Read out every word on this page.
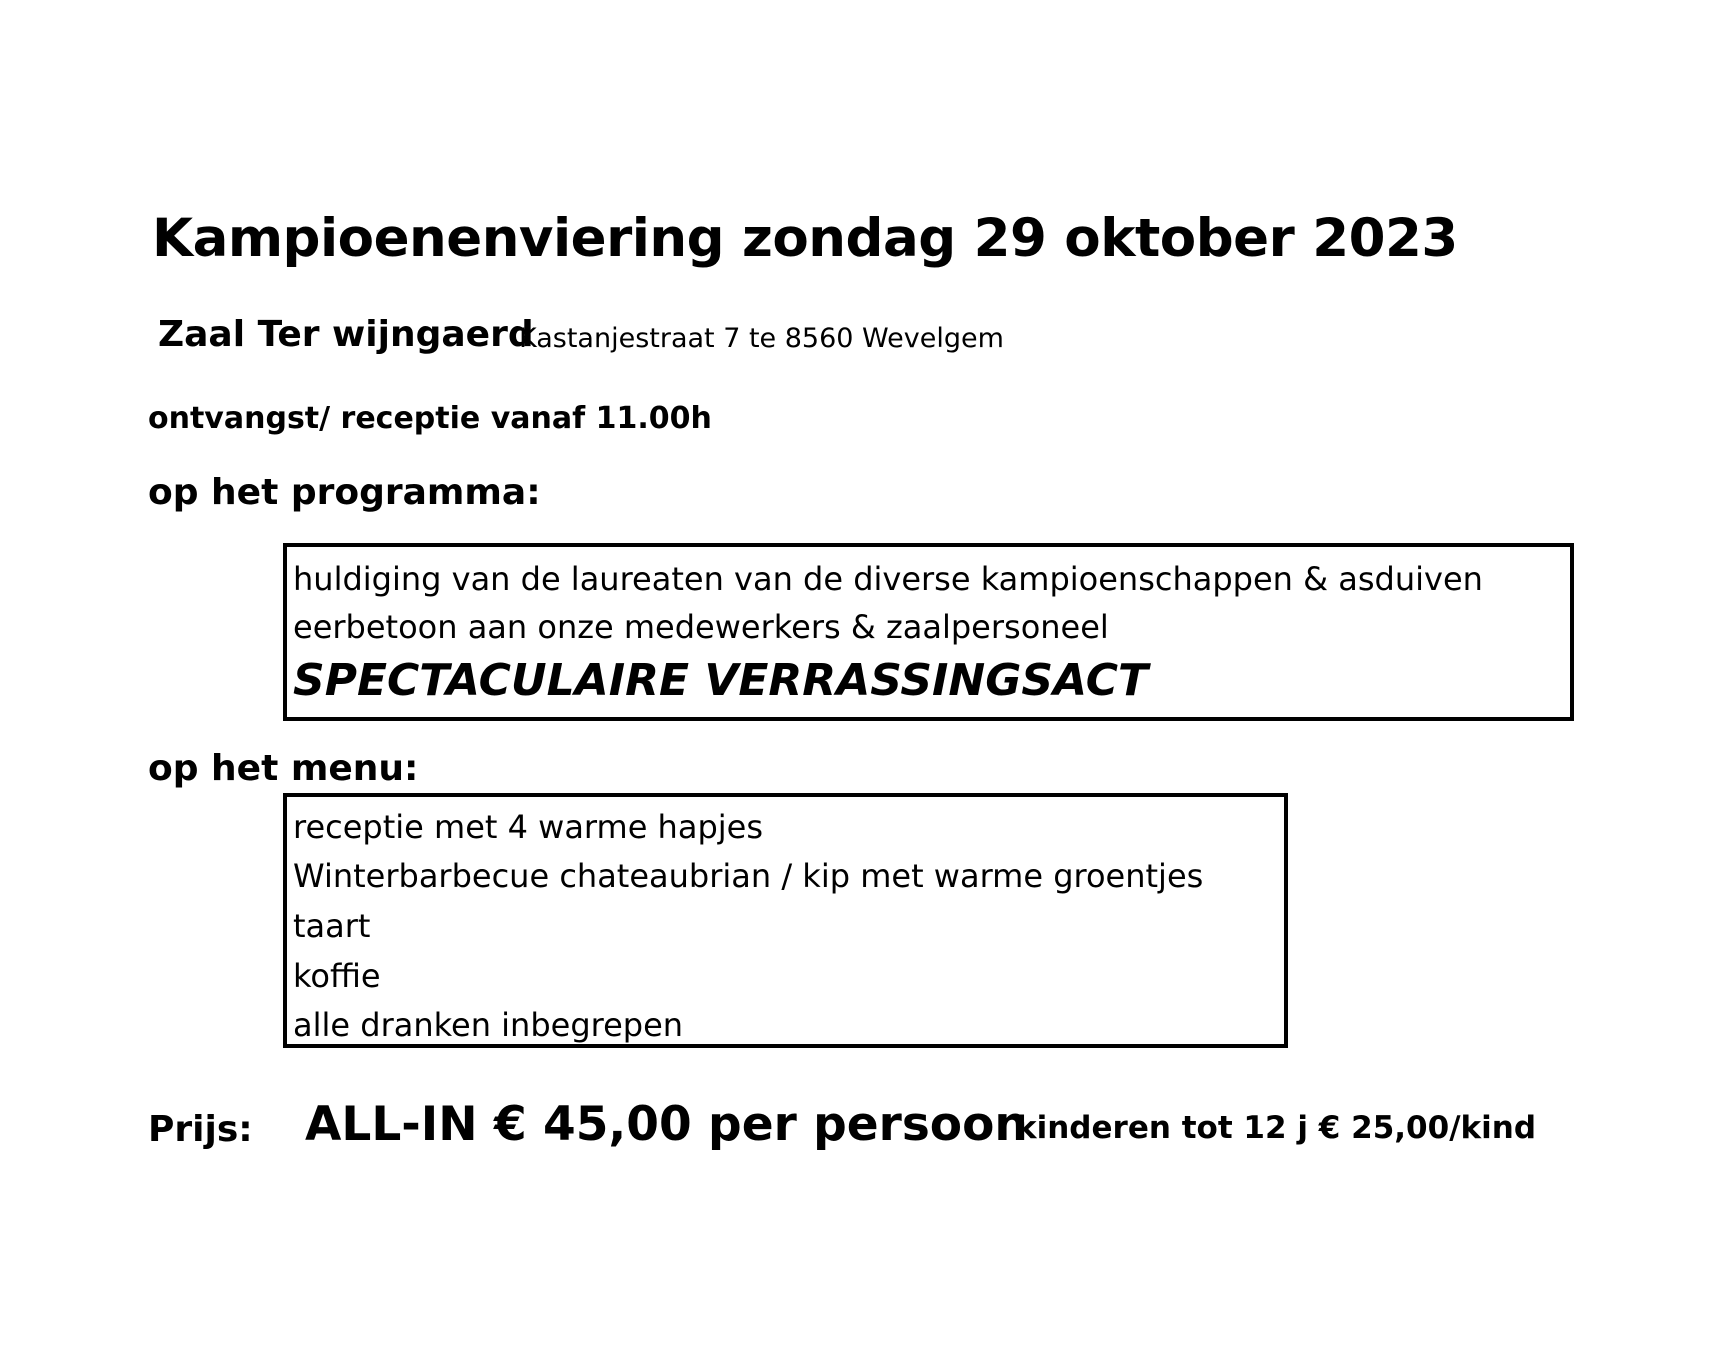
Kampioenenviering zondag 29 oktober 2023
Zaal Ter wijngaerd
Kastanjestraat 7 te 8560 Wevelgem
ontvangst/ receptie vanaf 11.00h
op het programma:
huldiging van de laureaten van de diverse kampioenschappen & asduiven
eerbetoon aan onze medewerkers & zaalpersoneel
SPECTACULAIRE VERRASSINGSACT
op het menu:
receptie met 4 warme hapjes
Winterbarbecue chateaubrian / kip met warme groentjes
taart
koffie
alle dranken inbegrepen
Prijs: ALL-IN € 45,00 per persoon
kinderen tot 12 j € 25,00/kind
